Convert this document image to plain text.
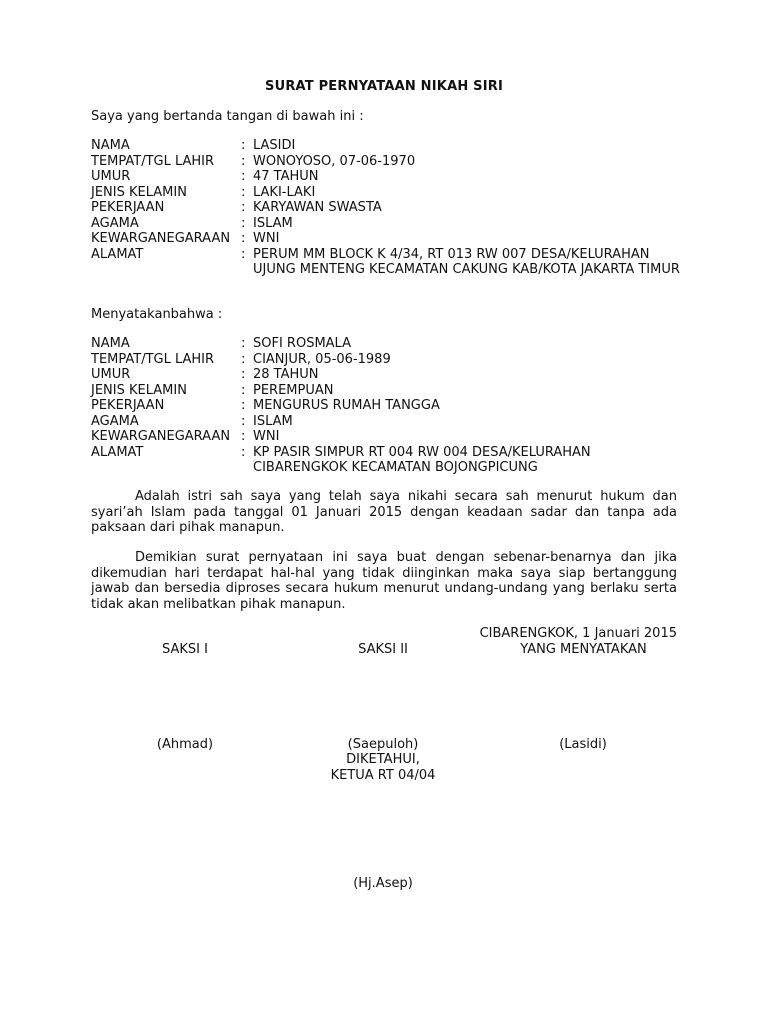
SURAT PERNYATAAN NIKAH SIRI
Saya yang bertanda tangan di bawah ini :
NAMA	: LASIDI
TEMPAT/TGL LAHIR	: WONOYOSO, 07-06-1970
UMUR	: 47 TAHUN
JENIS KELAMIN	: LAKI-LAKI
PEKERJAAN	: KARYAWAN SWASTA
AGAMA	: ISLAM
KEWARGANEGARAAN : WNI
ALAMAT	: PERUM MM BLOCK K 4/34, RT 013 RW 007 DESA/KELURAHAN UJUNG MENTENG KECAMATAN CAKUNG KAB/KOTA JAKARTA TIMUR
Menyatakanbahwa :
NAMA	: SOFI ROSMALA
TEMPAT/TGL LAHIR	: CIANJUR, 05-06-1989
UMUR	: 28 TAHUN
JENIS KELAMIN	: PEREMPUAN
PEKERJAAN	: MENGURUS RUMAH TANGGA
AGAMA	: ISLAM
KEWARGANEGARAAN : WNI
ALAMAT	: KP PASIR SIMPUR RT 004 RW 004 DESA/KELURAHAN CIBARENGKOK KECAMATAN BOJONGPICUNG
Adalah istri sah saya yang telah saya nikahi secara sah menurut hukum dan syari’ah Islam pada tanggal 01 Januari 2015 dengan keadaan sadar dan tanpa ada paksaan dari pihak manapun.
Demikian surat pernyataan ini saya buat dengan sebenar-benarnya dan jika dikemudian hari terdapat hal-hal yang tidak diinginkan maka saya siap bertanggung jawab dan bersedia diproses secara hukum menurut undang-undang yang berlaku serta tidak akan melibatkan pihak manapun.
CIBARENGKOK, 1 Januari 2015
SAKSI I	SAKSI II	YANG MENYATAKAN
(Ahmad)	(Saepuloh)	(Lasidi)
DIKETAHUI,
KETUA RT 04/04
(Hj.Asep)
